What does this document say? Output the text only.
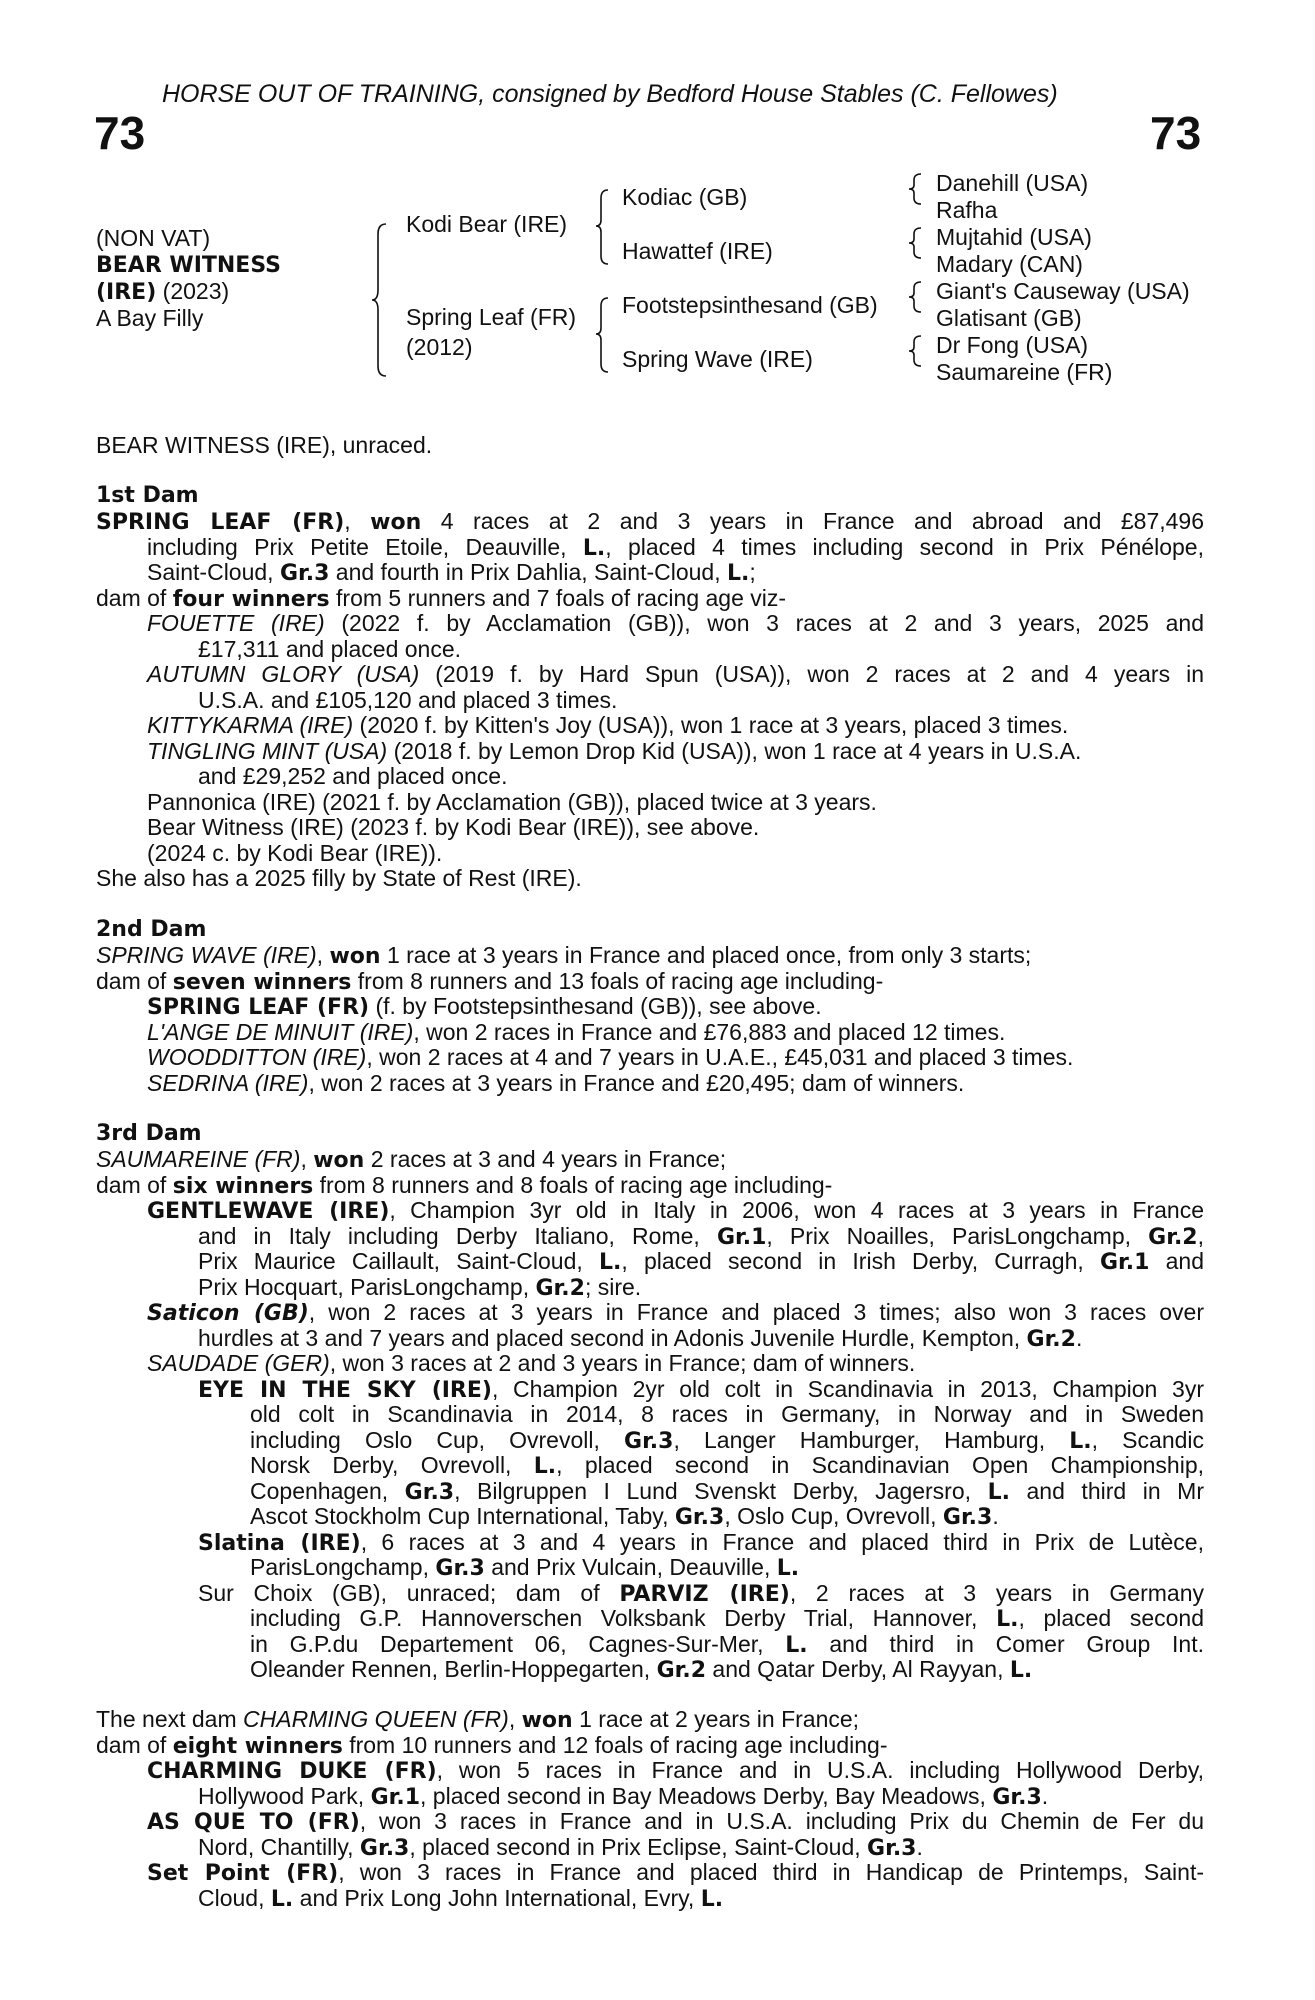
HORSE OUT OF TRAINING, consigned by Bedford House Stables (C. Fellowes)
73	73
(NON VAT)
BEAR WITNESS
(IRE) (2023)
A Bay Filly
Kodi Bear (IRE)
Spring Leaf (FR)
(2012)
Kodiac (GB)
Hawattef (IRE)
Footstepsinthesand (GB)
Spring Wave (IRE)
Danehill (USA)
Rafha
Mujtahid (USA)
Madary (CAN)
Giant's Causeway (USA)
Glatisant (GB)
Dr Fong (USA)
Saumareine (FR)
BEAR WITNESS (IRE), unraced.
1st Dam
SPRING LEAF (FR), won 4 races at 2 and 3 years in France and abroad and £87,496
including Prix Petite Etoile, Deauville, L., placed 4 times including second in Prix Pénélope,
Saint-Cloud, Gr.3 and fourth in Prix Dahlia, Saint-Cloud, L.;
dam of four winners from 5 runners and 7 foals of racing age viz-
FOUETTE (IRE) (2022 f. by Acclamation (GB)), won 3 races at 2 and 3 years, 2025 and
£17,311 and placed once.
AUTUMN GLORY (USA) (2019 f. by Hard Spun (USA)), won 2 races at 2 and 4 years in
U.S.A. and £105,120 and placed 3 times.
KITTYKARMA (IRE) (2020 f. by Kitten's Joy (USA)), won 1 race at 3 years, placed 3 times.
TINGLING MINT (USA) (2018 f. by Lemon Drop Kid (USA)), won 1 race at 4 years in U.S.A.
and £29,252 and placed once.
Pannonica (IRE) (2021 f. by Acclamation (GB)), placed twice at 3 years.
Bear Witness (IRE) (2023 f. by Kodi Bear (IRE)), see above.
(2024 c. by Kodi Bear (IRE)).
She also has a 2025 filly by State of Rest (IRE).
2nd Dam
SPRING WAVE (IRE), won 1 race at 3 years in France and placed once, from only 3 starts;
dam of seven winners from 8 runners and 13 foals of racing age including-
SPRING LEAF (FR) (f. by Footstepsinthesand (GB)), see above.
L'ANGE DE MINUIT (IRE), won 2 races in France and £76,883 and placed 12 times.
WOODDITTON (IRE), won 2 races at 4 and 7 years in U.A.E., £45,031 and placed 3 times.
SEDRINA (IRE), won 2 races at 3 years in France and £20,495; dam of winners.
3rd Dam
SAUMAREINE (FR), won 2 races at 3 and 4 years in France;
dam of six winners from 8 runners and 8 foals of racing age including-
GENTLEWAVE (IRE), Champion 3yr old in Italy in 2006, won 4 races at 3 years in France
and in Italy including Derby Italiano, Rome, Gr.1, Prix Noailles, ParisLongchamp, Gr.2,
Prix Maurice Caillault, Saint-Cloud, L., placed second in Irish Derby, Curragh, Gr.1 and
Prix Hocquart, ParisLongchamp, Gr.2; sire.
Saticon (GB), won 2 races at 3 years in France and placed 3 times; also won 3 races over
hurdles at 3 and 7 years and placed second in Adonis Juvenile Hurdle, Kempton, Gr.2.
SAUDADE (GER), won 3 races at 2 and 3 years in France; dam of winners.
EYE IN THE SKY (IRE), Champion 2yr old colt in Scandinavia in 2013, Champion 3yr
old colt in Scandinavia in 2014, 8 races in Germany, in Norway and in Sweden
including Oslo Cup, Ovrevoll, Gr.3, Langer Hamburger, Hamburg, L., Scandic
Norsk Derby, Ovrevoll, L., placed second in Scandinavian Open Championship,
Copenhagen, Gr.3, Bilgruppen I Lund Svenskt Derby, Jagersro, L. and third in Mr
Ascot Stockholm Cup International, Taby, Gr.3, Oslo Cup, Ovrevoll, Gr.3.
Slatina (IRE), 6 races at 3 and 4 years in France and placed third in Prix de Lutèce,
ParisLongchamp, Gr.3 and Prix Vulcain, Deauville, L.
Sur Choix (GB), unraced; dam of PARVIZ (IRE), 2 races at 3 years in Germany
including G.P. Hannoverschen Volksbank Derby Trial, Hannover, L., placed second
in G.P.du Departement 06, Cagnes-Sur-Mer, L. and third in Comer Group Int.
Oleander Rennen, Berlin-Hoppegarten, Gr.2 and Qatar Derby, Al Rayyan, L.
The next dam CHARMING QUEEN (FR), won 1 race at 2 years in France;
dam of eight winners from 10 runners and 12 foals of racing age including-
CHARMING DUKE (FR), won 5 races in France and in U.S.A. including Hollywood Derby,
Hollywood Park, Gr.1, placed second in Bay Meadows Derby, Bay Meadows, Gr.3.
AS QUE TO (FR), won 3 races in France and in U.S.A. including Prix du Chemin de Fer du
Nord, Chantilly, Gr.3, placed second in Prix Eclipse, Saint-Cloud, Gr.3.
Set Point (FR), won 3 races in France and placed third in Handicap de Printemps, Saint-
Cloud, L. and Prix Long John International, Evry, L.
